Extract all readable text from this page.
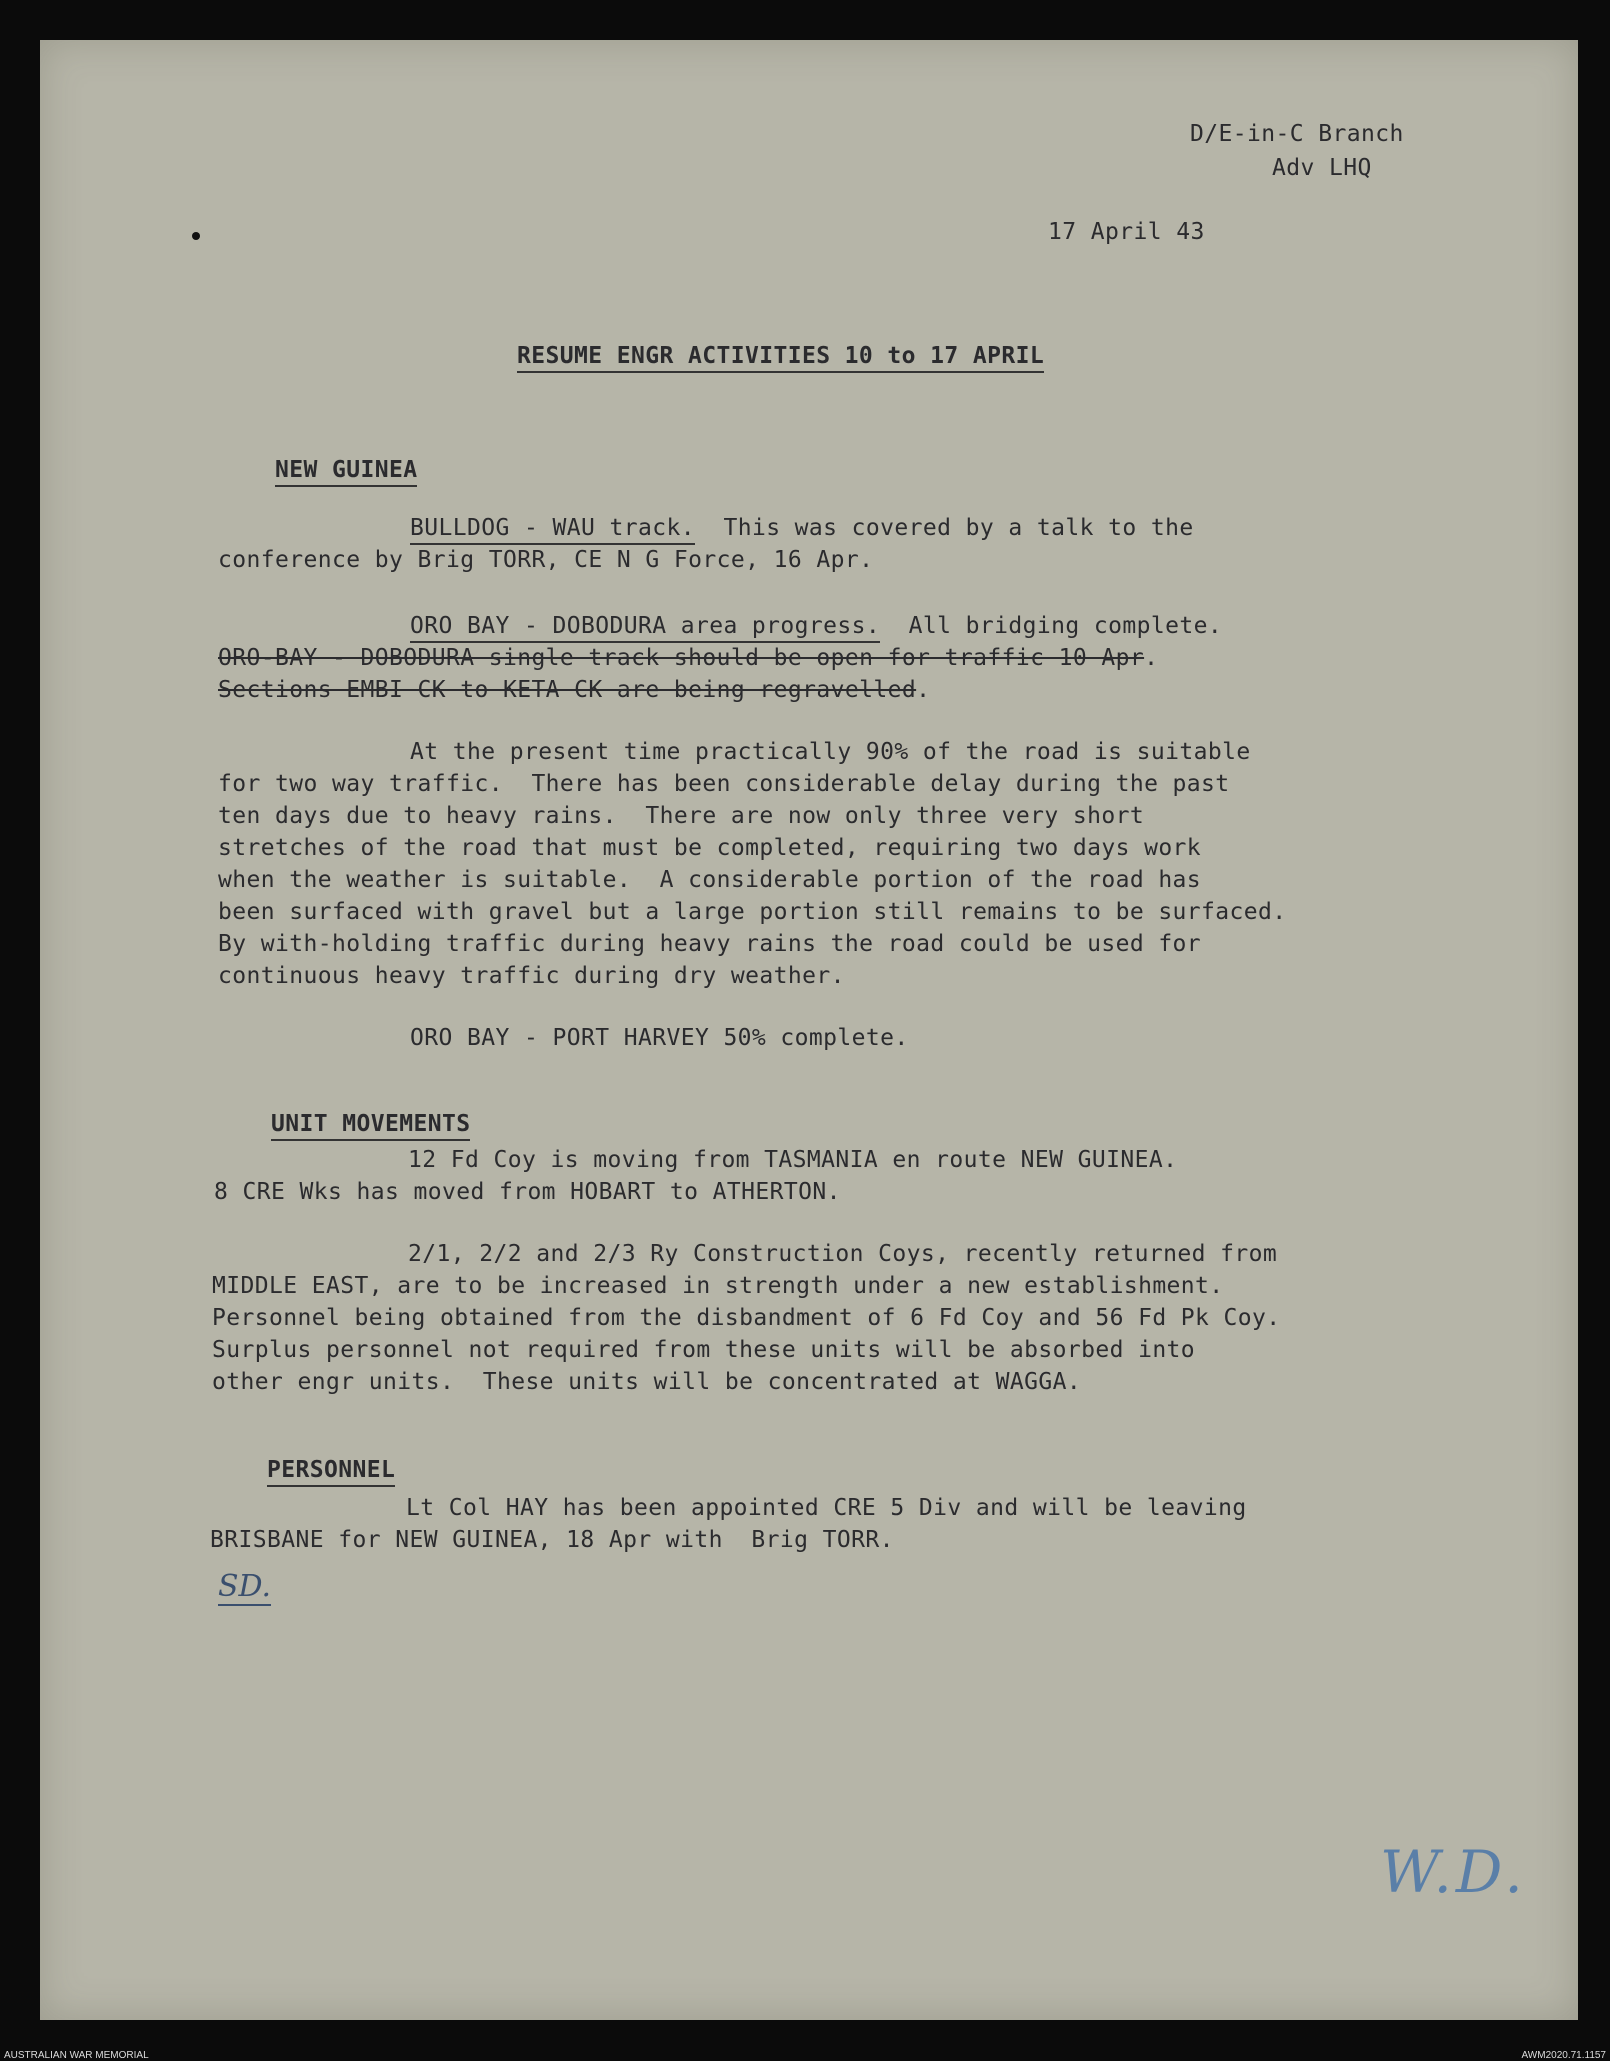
D/E-in-C Branch
Adv LHQ
17 April 43

RESUME ENGR ACTIVITIES 10 to 17 APRIL

NEW GUINEA

BULLDOG - WAU track.  This was covered by a talk to the
conference by Brig TORR, CE N G Force, 16 Apr.
ORO BAY - DOBODURA area progress.  All bridging complete.
ORO-BAY - DOBODURA single track should be open for traffic 10 Apr.
Sections EMBI CK to KETA CK are being regravelled.
At the present time practically 90% of the road is suitable
for two way traffic.  There has been considerable delay during the past
ten days due to heavy rains.  There are now only three very short
stretches of the road that must be completed, requiring two days work
when the weather is suitable.  A considerable portion of the road has
been surfaced with gravel but a large portion still remains to be surfaced.
By with-holding traffic during heavy rains the road could be used for
continuous heavy traffic during dry weather.
ORO BAY - PORT HARVEY 50% complete.

UNIT MOVEMENTS

12 Fd Coy is moving from TASMANIA en route NEW GUINEA.
8 CRE Wks has moved from HOBART to ATHERTON.
2/1, 2/2 and 2/3 Ry Construction Coys, recently returned from
MIDDLE EAST, are to be increased in strength under a new establishment.
Personnel being obtained from the disbandment of 6 Fd Coy and 56 Fd Pk Coy.
Surplus personnel not required from these units will be absorbed into
other engr units.  These units will be concentrated at WAGGA.

PERSONNEL

Lt Col HAY has been appointed CRE 5 Div and will be leaving
BRISBANE for NEW GUINEA, 18 Apr with  Brig TORR.
SD.
W.D.
AUSTRALIAN WAR MEMORIAL	AWM2020.71.1157
